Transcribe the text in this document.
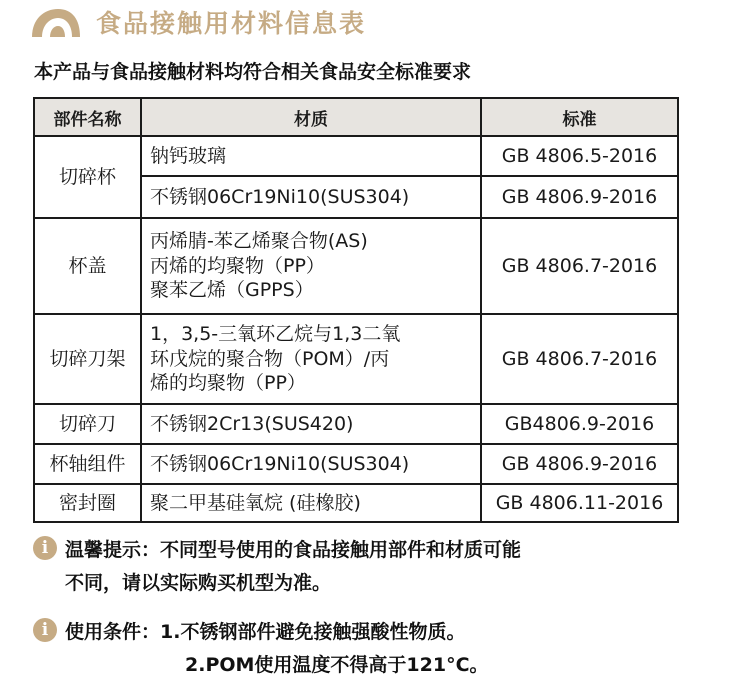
食品接触用材料信息表
本产品与食品接触材料均符合相关食品安全标准要求
部件名称	材质	标准
切碎杯	钠钙玻璃	GB 4806.5-2016

	不锈钢06Cr19Ni10(SUS304)	GB 4806.9-2016
杯盖	丙烯腈-苯乙烯聚合物(AS)
丙烯的均聚物（PP）
聚苯乙烯（GPPS）	GB 4806.7-2016
切碎刀架	1，3,5-三氧环乙烷与1,3二氧
环戊烷的聚合物（POM）/丙
烯的均聚物（PP）	GB 4806.7-2016
切碎刀	不锈钢2Cr13(SUS420)	GB4806.9-2016
杯轴组件	不锈钢06Cr19Ni10(SUS304)	GB 4806.9-2016
密封圈	聚二甲基硅氧烷 (硅橡胶)	GB 4806.11-2016
i 温馨提示：不同型号使用的食品接触用部件和材质可能
不同，请以实际购买机型为准。
i 使用条件：1.不锈钢部件避免接触强酸性物质。
2.POM使用温度不得高于121°C。
